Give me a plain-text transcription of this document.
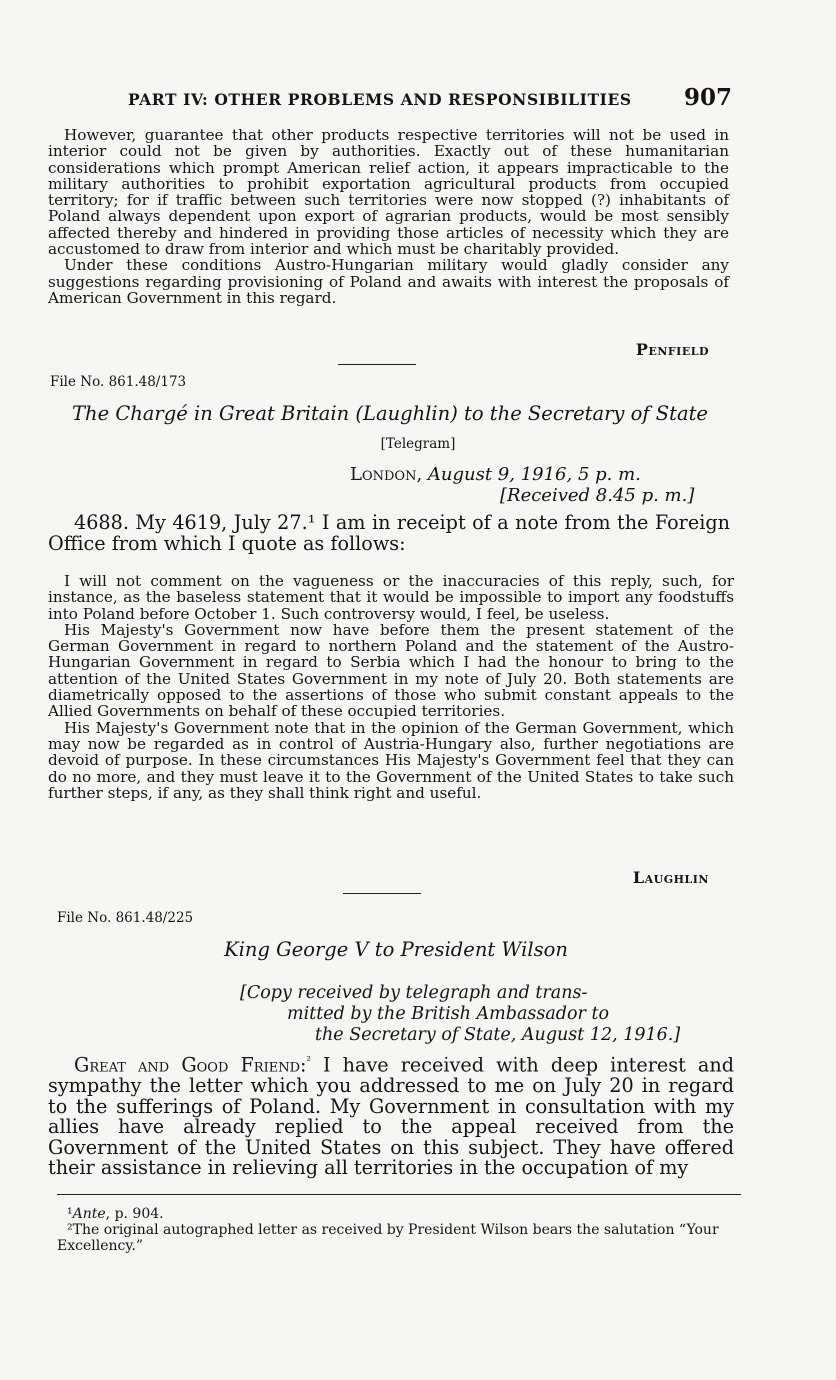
PART IV: OTHER PROBLEMS AND RESPONSIBILITIES 907

However, guarantee that other products respective territories will not be used in interior could not be given by authorities. Exactly out of these humanitarian considerations which prompt American relief action, it appears impracticable to the military authorities to prohibit exportation agricultural products from occupied territory; for if traffic between such territories were now stopped (?) inhabitants of Poland always dependent upon export of agrarian products, would be most sensibly affected thereby and hindered in providing those articles of necessity which they are accustomed to draw from interior and which must be charitably provided.

Under these conditions Austro-Hungarian military would gladly consider any suggestions regarding provisioning of Poland and awaits with interest the proposals of American Government in this regard.

Penfield
File No. 861.48/173
The Chargé in Great Britain (Laughlin) to the Secretary of State
[Telegram]
London, August 9, 1916, 5 p. m.
[Received 8.45 p. m.]

4688. My 4619, July 27.¹ I am in receipt of a note from the Foreign Office from which I quote as follows:

I will not comment on the vagueness or the inaccuracies of this reply, such, for instance, as the baseless statement that it would be impossible to import any foodstuffs into Poland before October 1. Such controversy would, I feel, be useless.

His Majesty's Government now have before them the present statement of the German Government in regard to northern Poland and the statement of the Austro-Hungarian Government in regard to Serbia which I had the honour to bring to the attention of the United States Government in my note of July 20. Both statements are diametrically opposed to the assertions of those who submit constant appeals to the Allied Governments on behalf of these occupied territories.

His Majesty's Government note that in the opinion of the German Government, which may now be regarded as in control of Austria-Hungary also, further negotiations are devoid of purpose. In these circumstances His Majesty's Government feel that they can do no more, and they must leave it to the Government of the United States to take such further steps, if any, as they shall think right and useful.

Laughlin
File No. 861.48/225
King George V to President Wilson
[Copy received by telegraph and trans-
mitted by the British Ambassador to
the Secretary of State, August 12, 1916.]

Great and Good Friend:$^{^2}$ I have received with deep interest and sympathy the letter which you addressed to me on July 20 in regard to the sufferings of Poland. My Government in consultation with my allies have already replied to the appeal received from the Government of the United States on this subject. They have offered their assistance in relieving all territories in the occupation of my

¹Ante, p. 904.

²The original autographed letter as received by President Wilson bears the salutation “Your Excellency.”
